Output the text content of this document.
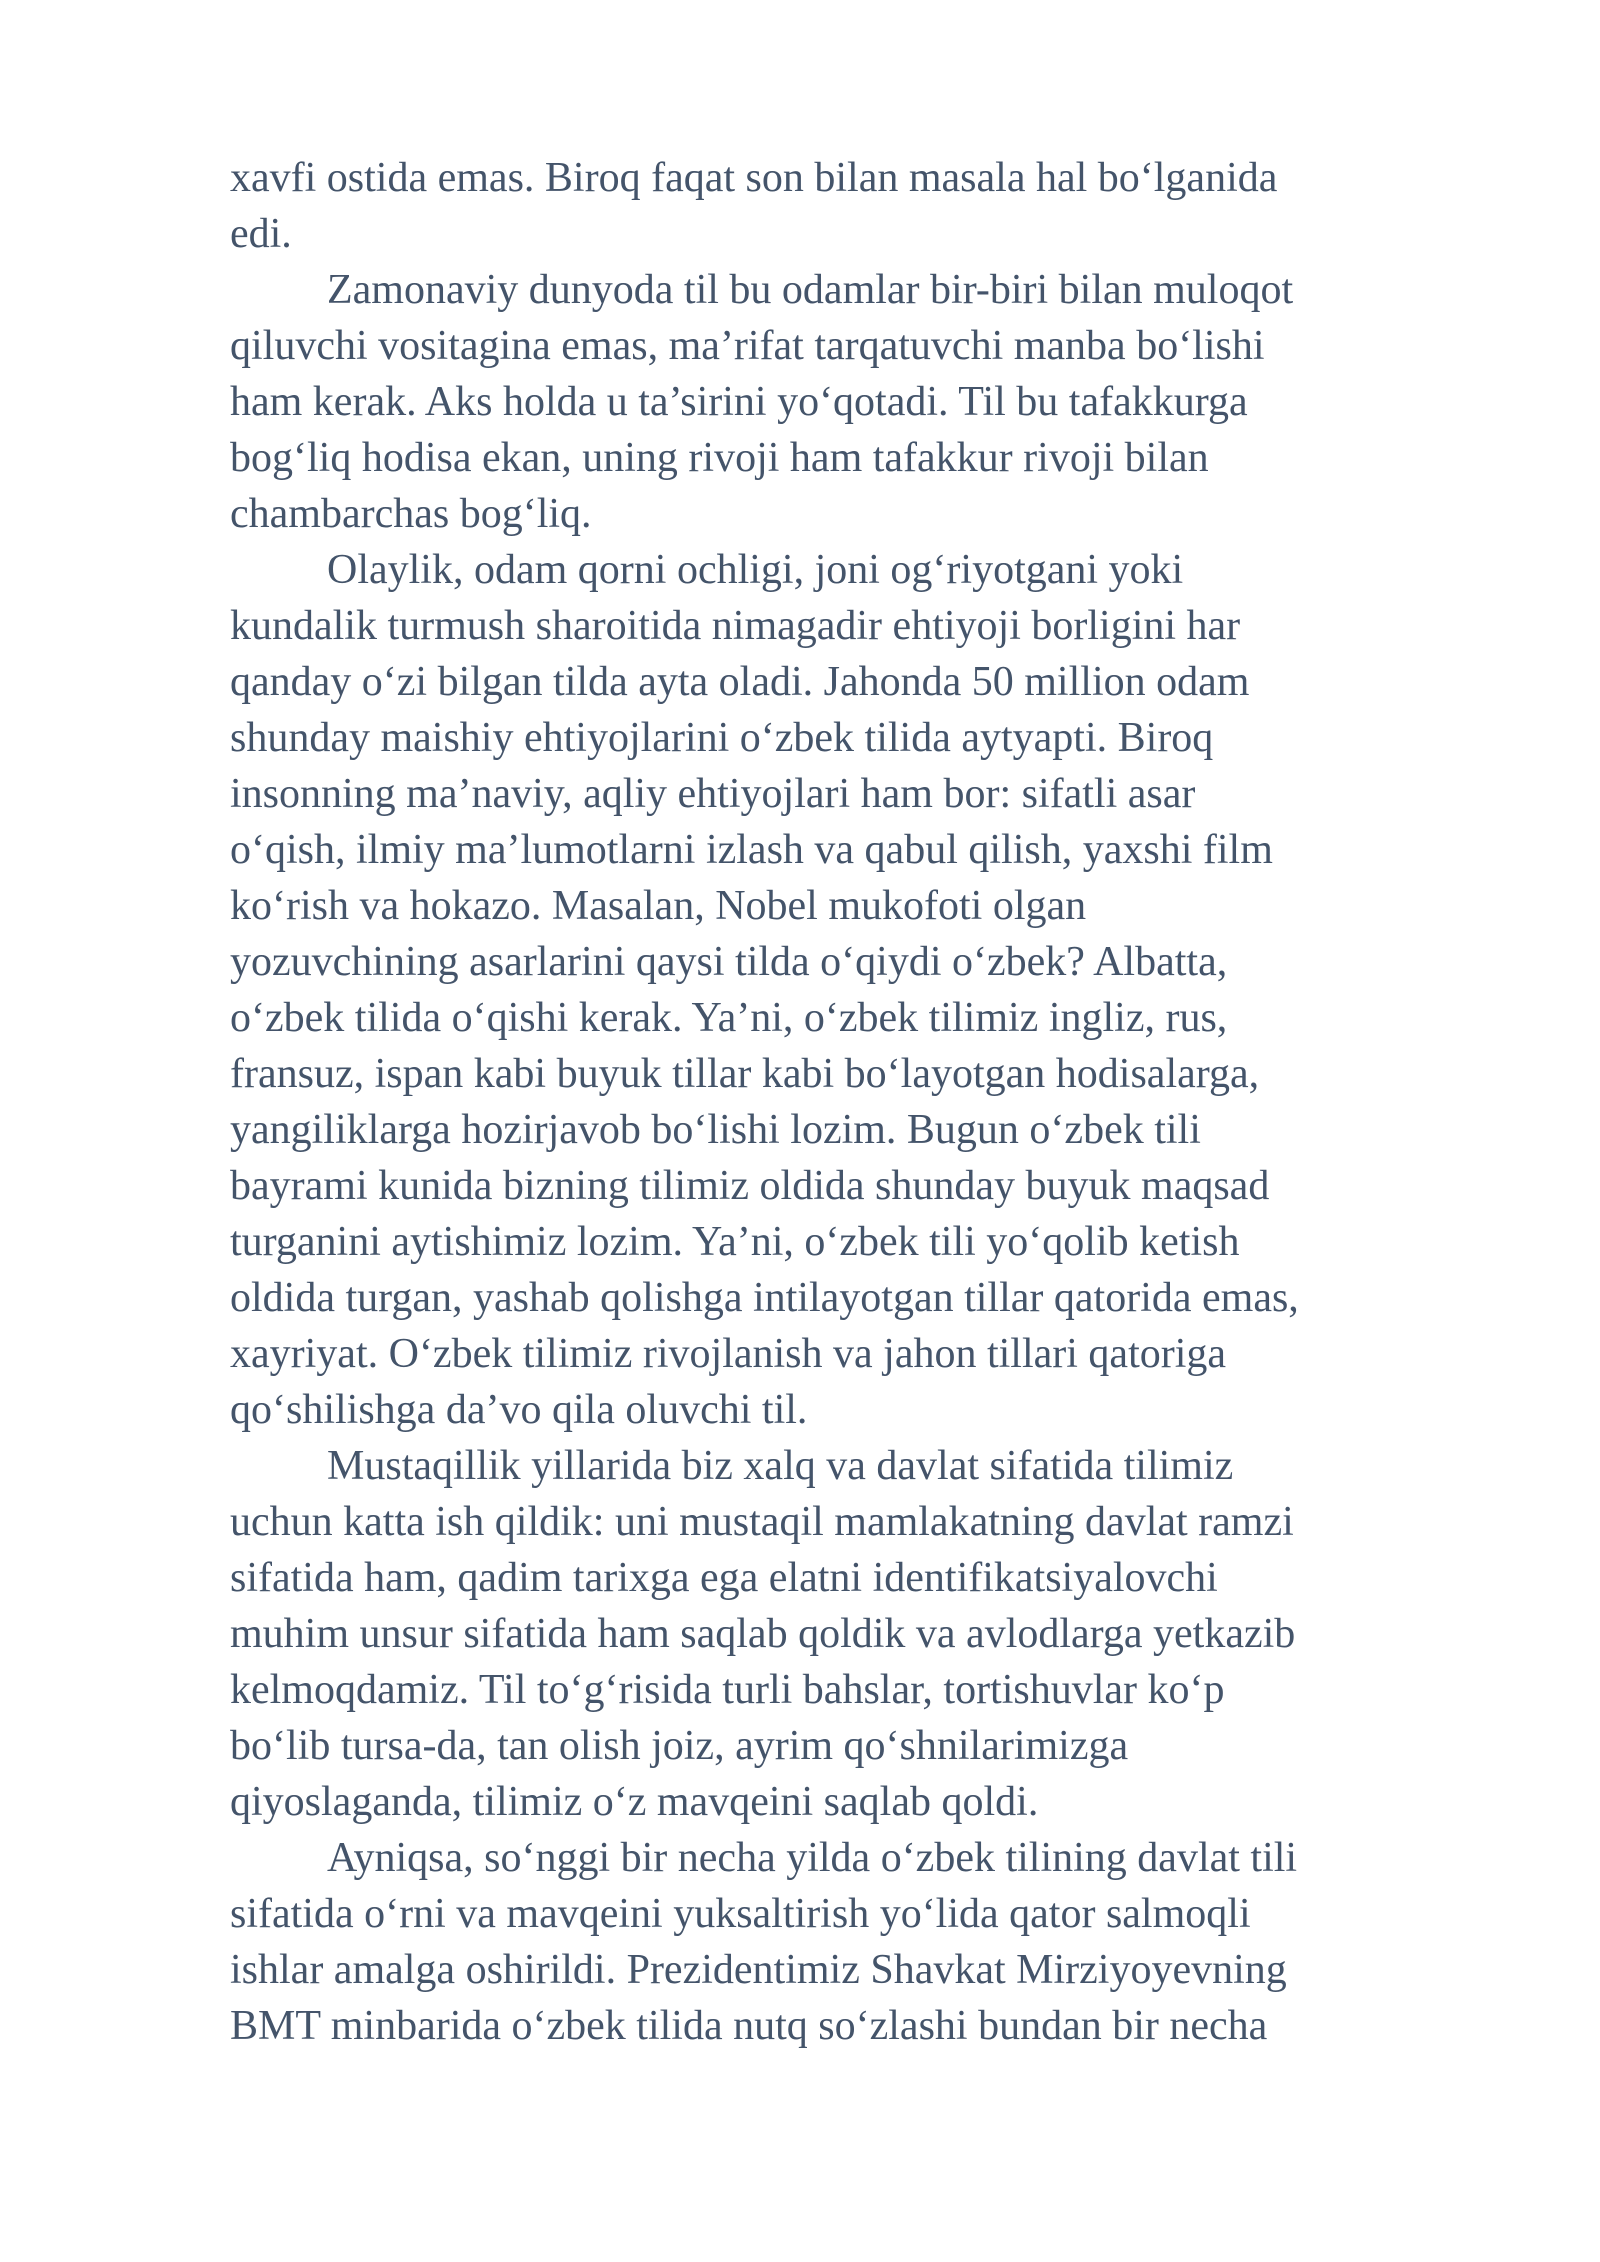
xavfi ostida emas. Biroq faqat son bilan masala hal bo‘lganida
edi.
Zamonaviy dunyoda til bu odamlar bir-biri bilan muloqot
qiluvchi vositagina emas, ma’rifat tarqatuvchi manba bo‘lishi
ham kerak. Aks holda u ta’sirini yo‘qotadi. Til bu tafakkurga
bog‘liq hodisa ekan, uning rivoji ham tafakkur rivoji bilan
chambarchas bog‘liq.
Olaylik, odam qorni ochligi, joni og‘riyotgani yoki
kundalik turmush sharoitida nimagadir ehtiyoji borligini har
qanday o‘zi bilgan tilda ayta oladi. Jahonda 50 million odam
shunday maishiy ehtiyojlarini o‘zbek tilida aytyapti. Biroq
insonning ma’naviy, aqliy ehtiyojlari ham bor: sifatli asar
o‘qish, ilmiy ma’lumotlarni izlash va qabul qilish, yaxshi film
ko‘rish va hokazo. Masalan, Nobel mukofoti olgan
yozuvchining asarlarini qaysi tilda o‘qiydi o‘zbek? Albatta,
o‘zbek tilida o‘qishi kerak. Ya’ni, o‘zbek tilimiz ingliz, rus,
fransuz, ispan kabi buyuk tillar kabi bo‘layotgan hodisalarga,
yangiliklarga hozirjavob bo‘lishi lozim. Bugun o‘zbek tili
bayrami kunida bizning tilimiz oldida shunday buyuk maqsad
turganini aytishimiz lozim. Ya’ni, o‘zbek tili yo‘qolib ketish
oldida turgan, yashab qolishga intilayotgan tillar qatorida emas,
xayriyat. O‘zbek tilimiz rivojlanish va jahon tillari qatoriga
qo‘shilishga da’vo qila oluvchi til.
Mustaqillik yillarida biz xalq va davlat sifatida tilimiz
uchun katta ish qildik: uni mustaqil mamlakatning davlat ramzi
sifatida ham, qadim tarixga ega elatni identifikatsiyalovchi
muhim unsur sifatida ham saqlab qoldik va avlodlarga yetkazib
kelmoqdamiz. Til to‘g‘risida turli bahslar, tortishuvlar ko‘p
bo‘lib tursa-da, tan olish joiz, ayrim qo‘shnilarimizga
qiyoslaganda, tilimiz o‘z mavqeini saqlab qoldi.
Ayniqsa, so‘nggi bir necha yilda o‘zbek tilining davlat tili
sifatida o‘rni va mavqeini yuksaltirish yo‘lida qator salmoqli
ishlar amalga oshirildi. Prezidentimiz Shavkat Mirziyoyevning
BMT minbarida o‘zbek tilida nutq so‘zlashi bundan bir necha
